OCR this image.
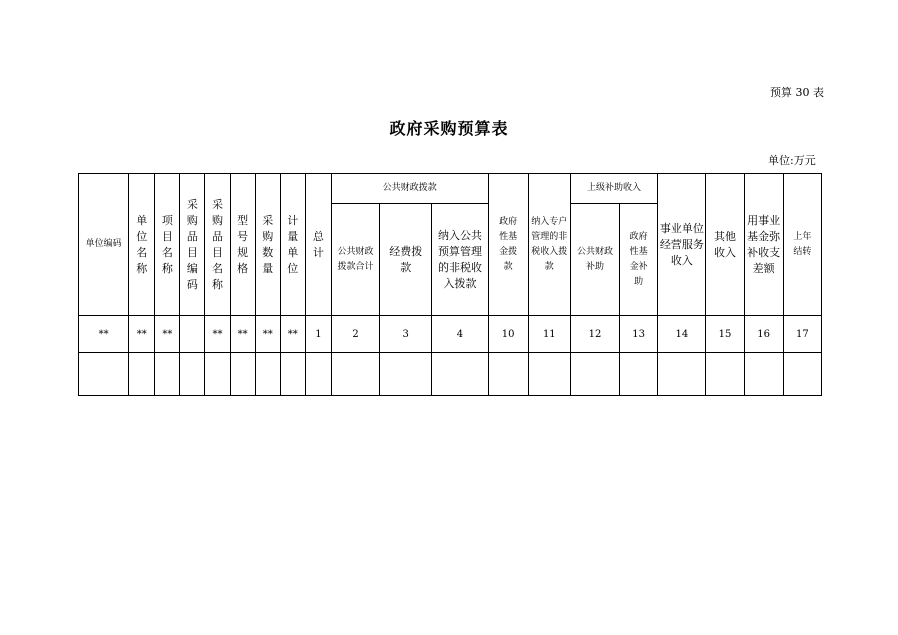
预算 30 表
政府采购预算表
单位:万元
单位编码	单位名称	项目名称	采购品目编码	采购品目名称	型号规格	采购数量	计量单位	总计	公共财政拨款			政府性基金拨款	纳入专户管理的非税收入拨款	上级补助收入		事业单位经营服务收入	其他收入	用事业基金弥补收支差额	上年结转

									公共财政拨款合计	经费拨款	纳入公共预算管理的非税收入拨款			公共财政补助	政府性基金补助				

**	**	**		**	**	**	**	1	2	3	4	10	11	12	13	14	15	16	17
